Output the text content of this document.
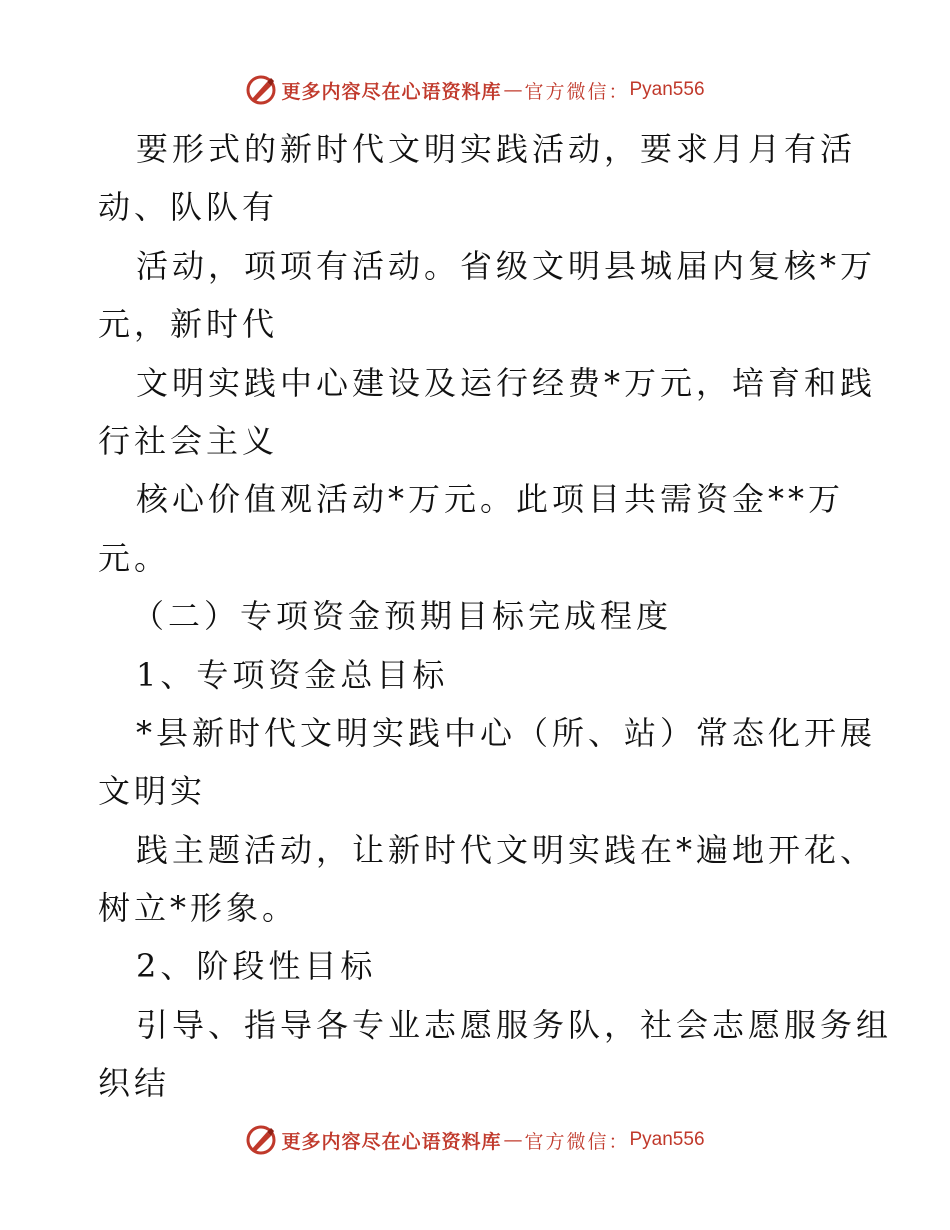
更多内容尽在心语资料库 — 官方微信： Pyan556
要形式的新时代文明实践活动，要求月月有活
动、队队有
活动，项项有活动。省级文明县城届内复核*万
元，新时代
文明实践中心建设及运行经费*万元，培育和践
行社会主义
核心价值观活动*万元。此项目共需资金**万
元。
（二）专项资金预期目标完成程度
1、专项资金总目标
*县新时代文明实践中心（所、站）常态化开展
文明实
践主题活动，让新时代文明实践在*遍地开花、
树立*形象。
2、阶段性目标
引导、指导各专业志愿服务队，社会志愿服务组
织结
更多内容尽在心语资料库 — 官方微信： Pyan556
